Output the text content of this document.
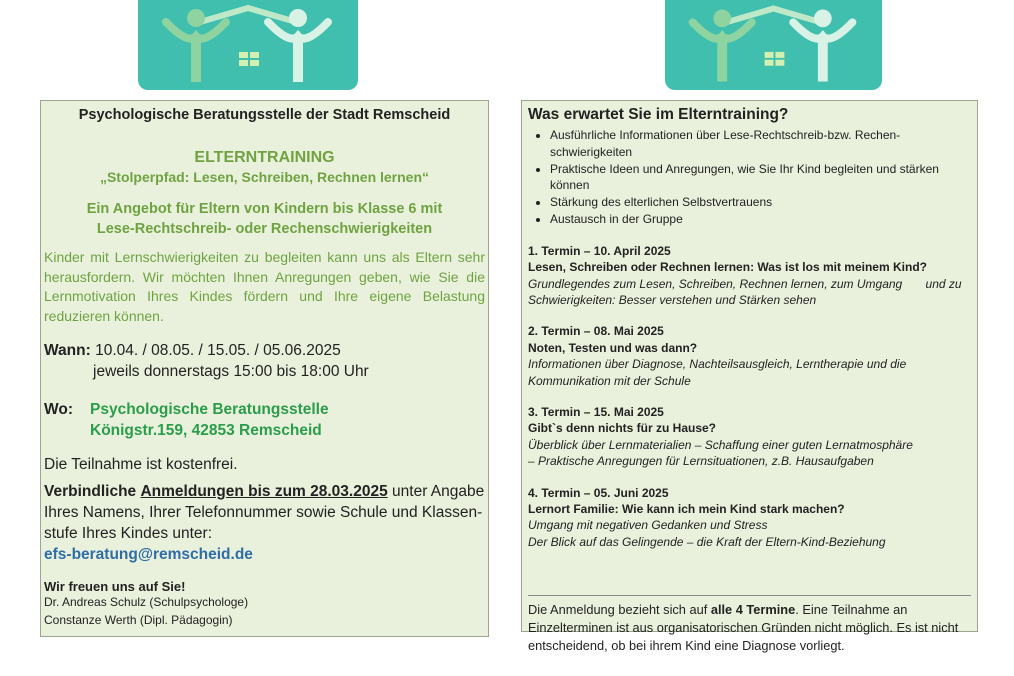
Psychologische Beratungsstelle der Stadt Remscheid
ELTERNTRAINING
„Stolperpfad: Lesen, Schreiben, Rechnen lernen“
Ein Angebot für Eltern von Kindern bis Klasse 6 mit
Lese-Rechtschreib- oder Rechenschwierigkeiten
Kinder mit Lernschwierigkeiten zu begleiten kann uns als Eltern sehr herausfordern. Wir möchten Ihnen Anregungen geben, wie Sie die Lernmotivation Ihres Kindes fördern und Ihre eigene Belastung reduzieren können.
Wann: 10.04. / 08.05. / 15.05. / 05.06.2025
jeweils donnerstags 15:00 bis 18:00 Uhr
Wo:	Psychologische Beratungsstelle
Königstr.159, 42853 Remscheid
Die Teilnahme ist kostenfrei.
Verbindliche Anmeldungen bis zum 28.03.2025 unter Angabe Ihres Namens, Ihrer Telefonnummer sowie Schule und Klassen-stufe Ihres Kindes unter:
efs-beratung@remscheid.de
Wir freuen uns auf Sie!
Dr. Andreas Schulz (Schulpsychologe)
Constanze Werth (Dipl. Pädagogin)
Was erwartet Sie im Elterntraining?
• Ausführliche Informationen über Lese-Rechtschreib-bzw. Rechen-schwierigkeiten
• Praktische Ideen und Anregungen, wie Sie Ihr Kind begleiten und stärken können
• Stärkung des elterlichen Selbstvertrauens
• Austausch in der Gruppe
1. Termin – 10. April 2025
Lesen, Schreiben oder Rechnen lernen: Was ist los mit meinem Kind?
Grundlegendes zum Lesen, Schreiben, Rechnen lernen, zum Umgang       und zu
Schwierigkeiten: Besser verstehen und Stärken sehen
2. Termin – 08. Mai 2025
Noten, Testen und was dann?
Informationen über Diagnose, Nachteilsausgleich, Lerntherapie und die
Kommunikation mit der Schule
3. Termin – 15. Mai 2025
Gibt`s denn nichts für zu Hause?
Überblick über Lernmaterialien – Schaffung einer guten Lernatmosphäre
– Praktische Anregungen für Lernsituationen, z.B. Hausaufgaben
4. Termin – 05. Juni 2025
Lernort Familie: Wie kann ich mein Kind stark machen?
Umgang mit negativen Gedanken und Stress
Der Blick auf das Gelingende – die Kraft der Eltern-Kind-Beziehung
Die Anmeldung bezieht sich auf alle 4 Termine. Eine Teilnahme an Einzelterminen ist aus organisatorischen Gründen nicht möglich. Es ist nicht entscheidend, ob bei ihrem Kind eine Diagnose vorliegt.
